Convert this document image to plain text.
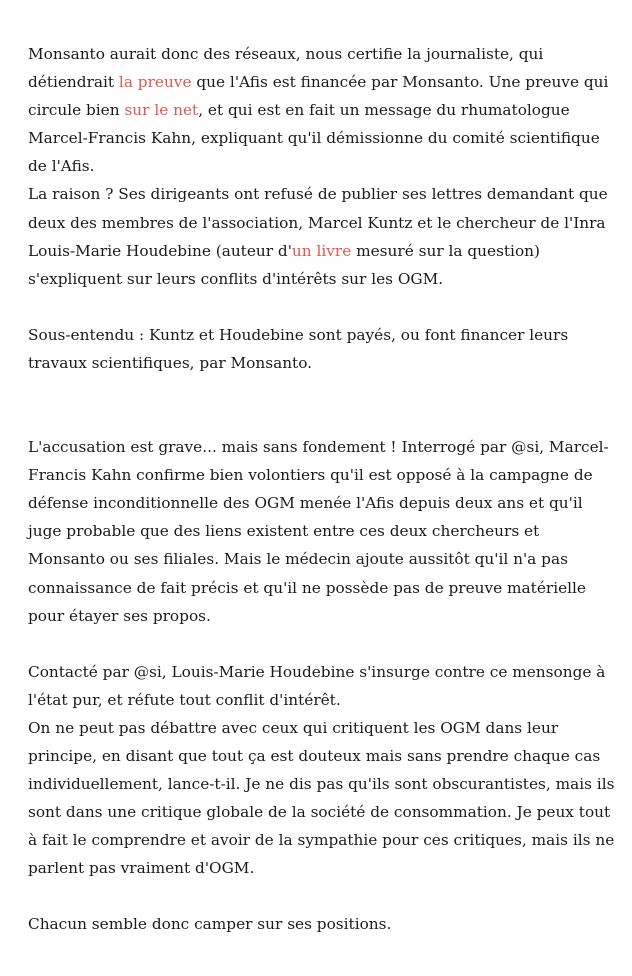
Monsanto aurait donc des réseaux, nous certifie la journaliste, qui détiendrait la preuve que l'Afis est financée par Monsanto. Une preuve qui circule bien sur le net, et qui est en fait un message du rhumatologue Marcel-Francis Kahn, expliquant qu'il démissionne du comité scientifique de l'Afis.

La raison ? Ses dirigeants ont refusé de publier ses lettres demandant que deux des membres de l'association, Marcel Kuntz et le chercheur de l'Inra Louis-Marie Houdebine (auteur d'un livre mesuré sur la question) s'expliquent sur leurs conflits d'intérêts sur les OGM.

Sous-entendu : Kuntz et Houdebine sont payés, ou font financer leurs travaux scientifiques, par Monsanto.

L'accusation est grave... mais sans fondement ! Interrogé par @si, Marcel-Francis Kahn confirme bien volontiers qu'il est opposé à la campagne de défense inconditionnelle des OGM menée l'Afis depuis deux ans et qu'il juge probable que des liens existent entre ces deux chercheurs et Monsanto ou ses filiales. Mais le médecin ajoute aussitôt qu'il n'a pas connaissance de fait précis et qu'il ne possède pas de preuve matérielle pour étayer ses propos.

Contacté par @si, Louis-Marie Houdebine s'insurge contre ce mensonge à l'état pur, et réfute tout conflit d'intérêt.

On ne peut pas débattre avec ceux qui critiquent les OGM dans leur principe, en disant que tout ça est douteux mais sans prendre chaque cas individuellement, lance-t-il. Je ne dis pas qu'ils sont obscurantistes, mais ils sont dans une critique globale de la société de consommation. Je peux tout à fait le comprendre et avoir de la sympathie pour ces critiques, mais ils ne parlent pas vraiment d'OGM.

Chacun semble donc camper sur ses positions.
